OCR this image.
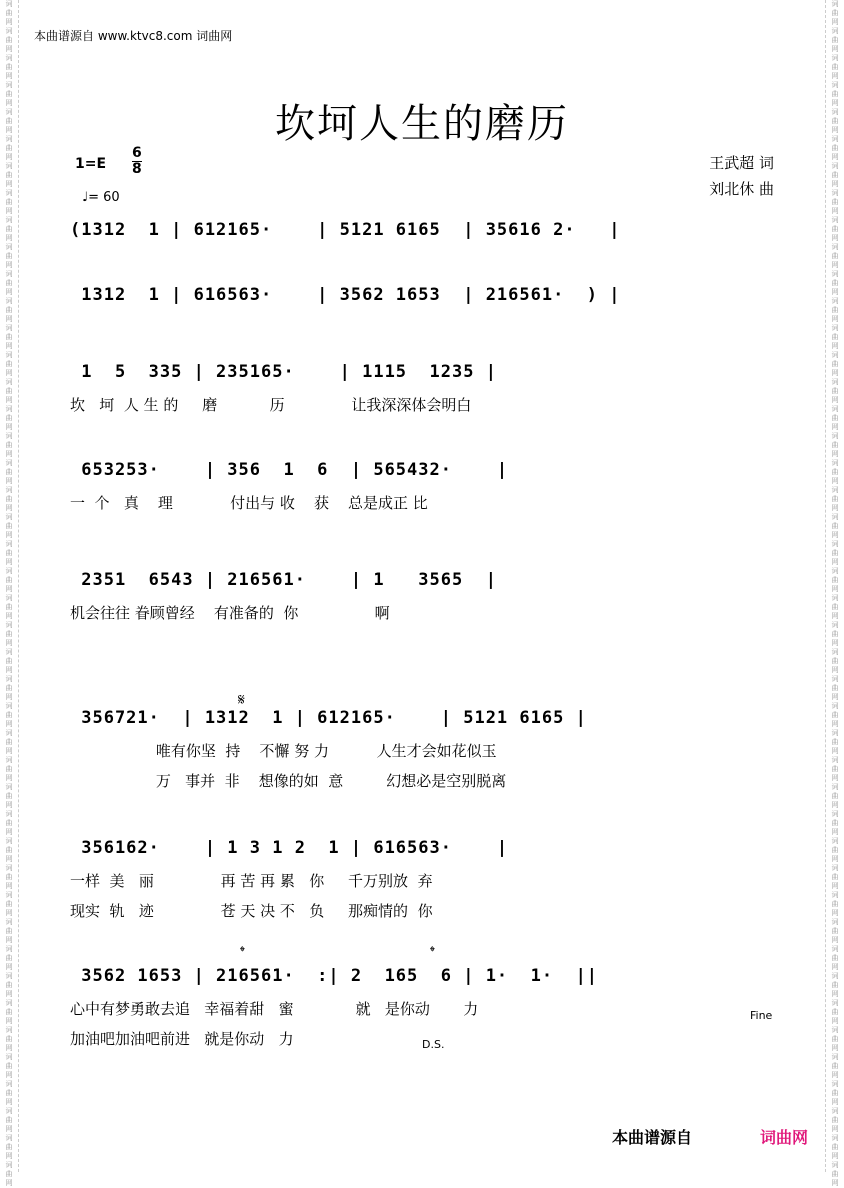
词
曲
网
词
曲
网
词
曲
网
词
曲
网
词
曲
网
词
曲
网
词
曲
网
词
曲
网
词
曲
网
词
曲
网
词
曲
网
词
曲
网
词
曲
网
词
曲
网
词
曲
网
词
曲
网
词
曲
网
词
曲
网
词
曲
网
词
曲
网
词
曲
网
词
曲
网
词
曲
网
词
曲
网
词
曲
网
词
曲
网
词
曲
网
词
曲
网
词
曲
网
词
曲
网
词
曲
网
词
曲
网
词
曲
网
词
曲
网
词
曲
网
词
曲
网
词
曲
网
词
曲
网
词
曲
网
词
曲
网
词
曲
网
词
曲
网
词
曲
网
词
曲
网
词
曲
网
词
曲
网
词
曲
网
词
曲
网
词
曲
网
词
曲
网
词
曲
网
词
曲
网
词
曲
网
词
曲
网
词
曲
网
词
曲
网
词
曲
网
词
曲
网
词
曲
网
词
曲
网
词
曲
网
词
曲
网
词
曲
网
词
曲
网
词
曲
网
词
曲
网
词
曲
网
词
曲
网
词
曲
网
词
曲
网
词
曲
网
词
曲
网
词
曲
网
词
曲
网
词
曲
网
词
曲
网
词
曲
网
词
曲
网
词
曲
网
词
曲
网
词
曲
网
词
曲
网
词
曲
网
词
曲
网
词
曲
网
词
曲
网
词
曲
网
词
曲
网
本曲谱源自 www.ktvc8.com 词曲网
坎坷人生的磨历
1=E
6
8
♩= 60
王武超 词
刘北休 曲
(1312  1 | 612165·    | 5121 6165  | 35616 2·   |
1312  1 | 616563·    | 3562 1653  | 216561·  ) |
1  5  335 | 235165·    | 1115  1235 |
坎   坷  人 生 的     磨           历              让我深深体会明白
653253·    | 356  1  6  | 565432·    |
一  个   真    理            付出与 收    获    总是成正 比
2351  6543 | 216561·    | 1   3565  |
机会往往 眷顾曾经    有准备的  你                啊
356721·  | 1312  1 | 612165·    | 5121 6165 |
唯有你坚  持    不懈 努 力          人生才会如花似玉
万   事并  非    想像的如  意         幻想必是空别脱离
356162·    | 1 3 1 2  1 | 616563·    |
一样  美   丽              再 苦 再 累   你     千万别放  弃
现实  轨   迹              苍 天 决 不   负     那痴情的  你
3562 1653 | 216561·  :| 2  165  6 | 1·  1·  ||
心中有梦勇敢去追   幸福着甜   蜜             就   是你动       力
加油吧加油吧前进   就是你动   力
𝄋
𝄌	𝄌
Fine
D.S.
本曲谱源自	词曲网
